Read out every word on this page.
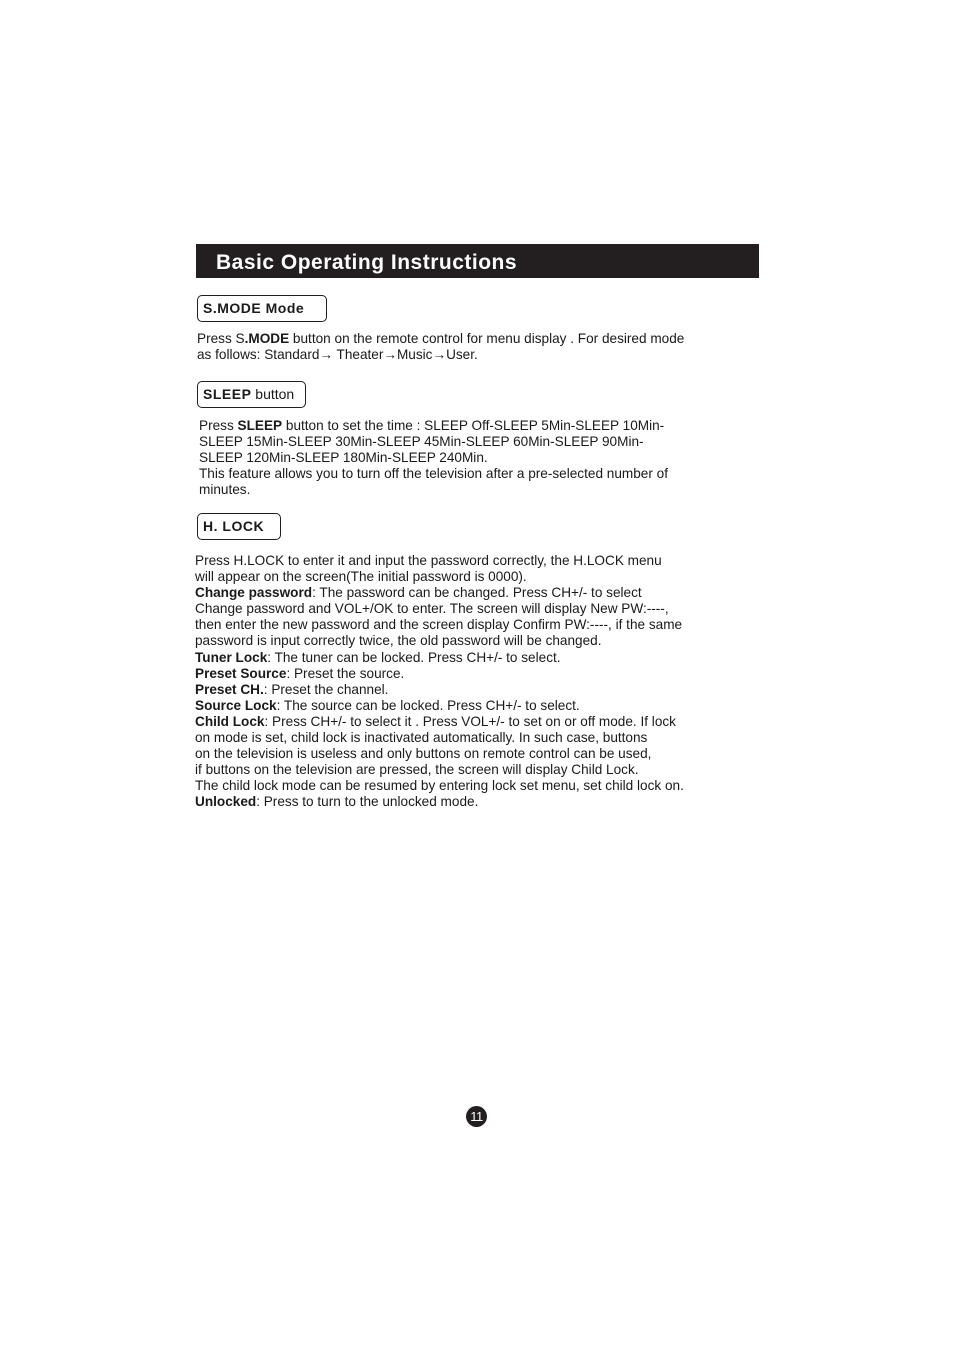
Basic Operating Instructions
S.MODE Mode
Press S.MODE button on the remote control for menu display . For desired mode
as follows: Standard→ Theater→Music→User.
SLEEP button
Press SLEEP button to set the time : SLEEP Off-SLEEP 5Min-SLEEP 10Min-
SLEEP 15Min-SLEEP 30Min-SLEEP 45Min-SLEEP 60Min-SLEEP 90Min-
SLEEP 120Min-SLEEP 180Min-SLEEP 240Min.
This feature allows you to turn off the television after a pre-selected number of
minutes.
H. LOCK
Press H.LOCK to enter it and input the password correctly, the H.LOCK menu
will appear on the screen(The initial password is 0000).
Change password: The password can be changed. Press CH+/- to select
Change password and VOL+/OK to enter. The screen will display New PW:----,
then enter the new password and the screen display Confirm PW:----, if the same
password is input correctly twice, the old password will be changed.
Tuner Lock: The tuner can be locked. Press CH+/- to select.
Preset Source: Preset the source.
Preset CH.: Preset the channel.
Source Lock: The source can be locked. Press CH+/- to select.
Child Lock: Press CH+/- to select it . Press VOL+/- to set on or off mode. If lock
on mode is set, child lock is inactivated automatically. In such case, buttons
on the television is useless and only buttons on remote control can be used,
if buttons on the television are pressed, the screen will display Child Lock.
The child lock mode can be resumed by entering lock set menu, set child lock on.
Unlocked: Press to turn to the unlocked mode.
11
